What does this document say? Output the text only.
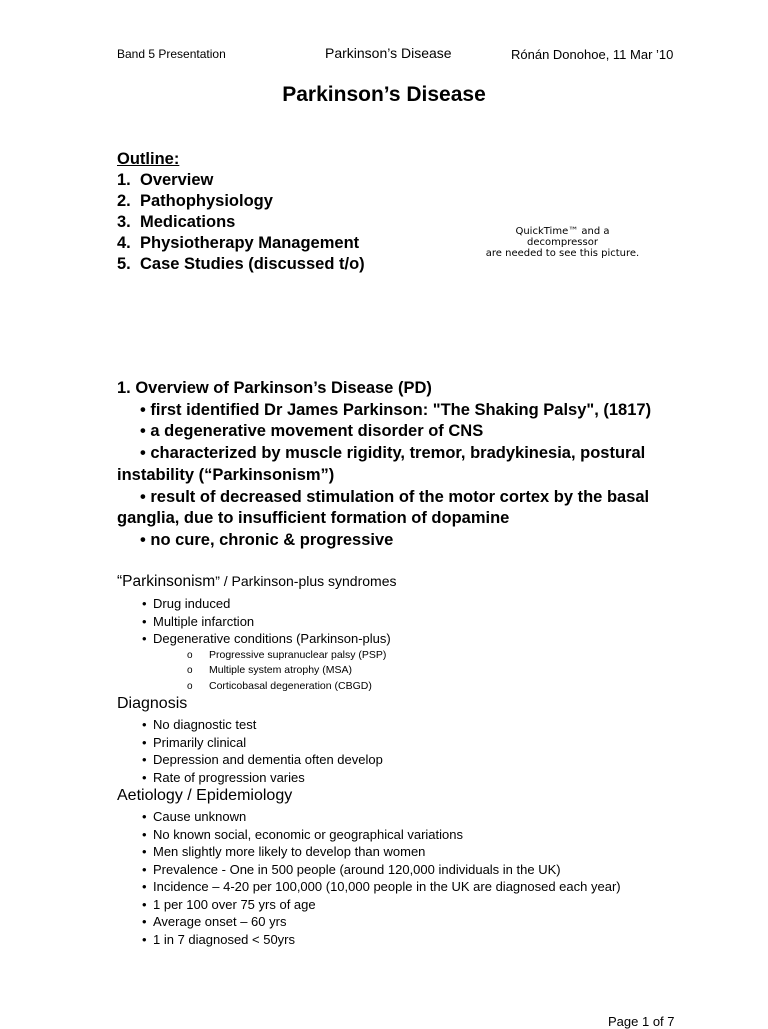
Band 5 Presentation	Parkinson’s Disease	Rónán Donohoe, 11 Mar ’10
Parkinson’s Disease
Outline:
1. Overview
2. Pathophysiology
3. Medications
4. Physiotherapy Management
5. Case Studies (discussed t/o)
QuickTime™ and a
decompressor
are needed to see this picture.
1. Overview of Parkinson’s Disease (PD)
• first identified Dr James Parkinson: "The Shaking Palsy", (1817)
• a degenerative movement disorder of CNS
• characterized by muscle rigidity, tremor, bradykinesia, postural
instability (“Parkinsonism”)
• result of decreased stimulation of the motor cortex by the basal
ganglia, due to insufficient formation of dopamine
• no cure, chronic & progressive
“Parkinsonism” / Parkinson-plus syndromes
• Drug induced
• Multiple infarction
• Degenerative conditions (Parkinson-plus)
o Progressive supranuclear palsy (PSP)
o Multiple system atrophy (MSA)
o Corticobasal degeneration (CBGD)
Diagnosis
• No diagnostic test
• Primarily clinical
• Depression and dementia often develop
• Rate of progression varies
Aetiology / Epidemiology
• Cause unknown
• No known social, economic or geographical variations
• Men slightly more likely to develop than women
• Prevalence - One in 500 people (around 120,000 individuals in the UK)
• Incidence – 4-20 per 100,000 (10,000 people in the UK are diagnosed each year)
• 1 per 100 over 75 yrs of age
• Average onset – 60 yrs
• 1 in 7 diagnosed < 50yrs
Page 1 of 7
